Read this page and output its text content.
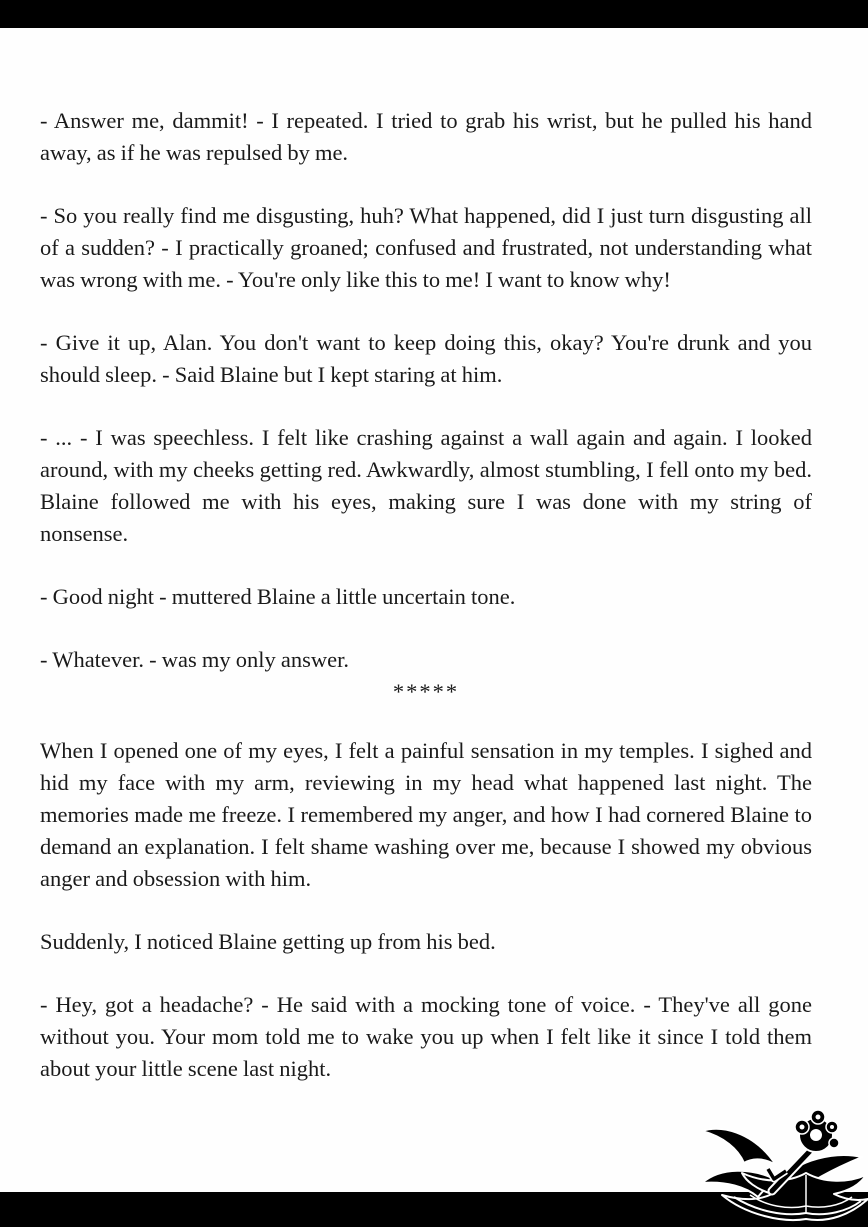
- Answer me, dammit! - I repeated. I tried to grab his wrist, but he pulled his hand away, as if he was repulsed by me.

- So you really find me disgusting, huh? What happened, did I just turn disgusting all of a sudden? - I practically groaned; confused and frustrated, not understanding what was wrong with me. - You're only like this to me! I want to know why!

- Give it up, Alan. You don't want to keep doing this, okay? You're drunk and you should sleep. - Said Blaine but I kept staring at him.

- ... - I was speechless. I felt like crashing against a wall again and again. I looked around, with my cheeks getting red. Awkwardly, almost stumbling, I fell onto my bed. Blaine followed me with his eyes, making sure I was done with my string of nonsense.

- Good night - muttered Blaine a little uncertain tone.

- Whatever. - was my only answer.

*****

When I opened one of my eyes, I felt a painful sensation in my temples. I sighed and hid my face with my arm, reviewing in my head what happened last night. The memories made me freeze. I remembered my anger, and how I had cornered Blaine to demand an explanation. I felt shame washing over me, because I showed my obvious anger and obsession with him.

Suddenly, I noticed Blaine getting up from his bed.

- Hey, got a headache? - He said with a mocking tone of voice. - They've all gone without you. Your mom told me to wake you up when I felt like it since I told them about your little scene last night.
